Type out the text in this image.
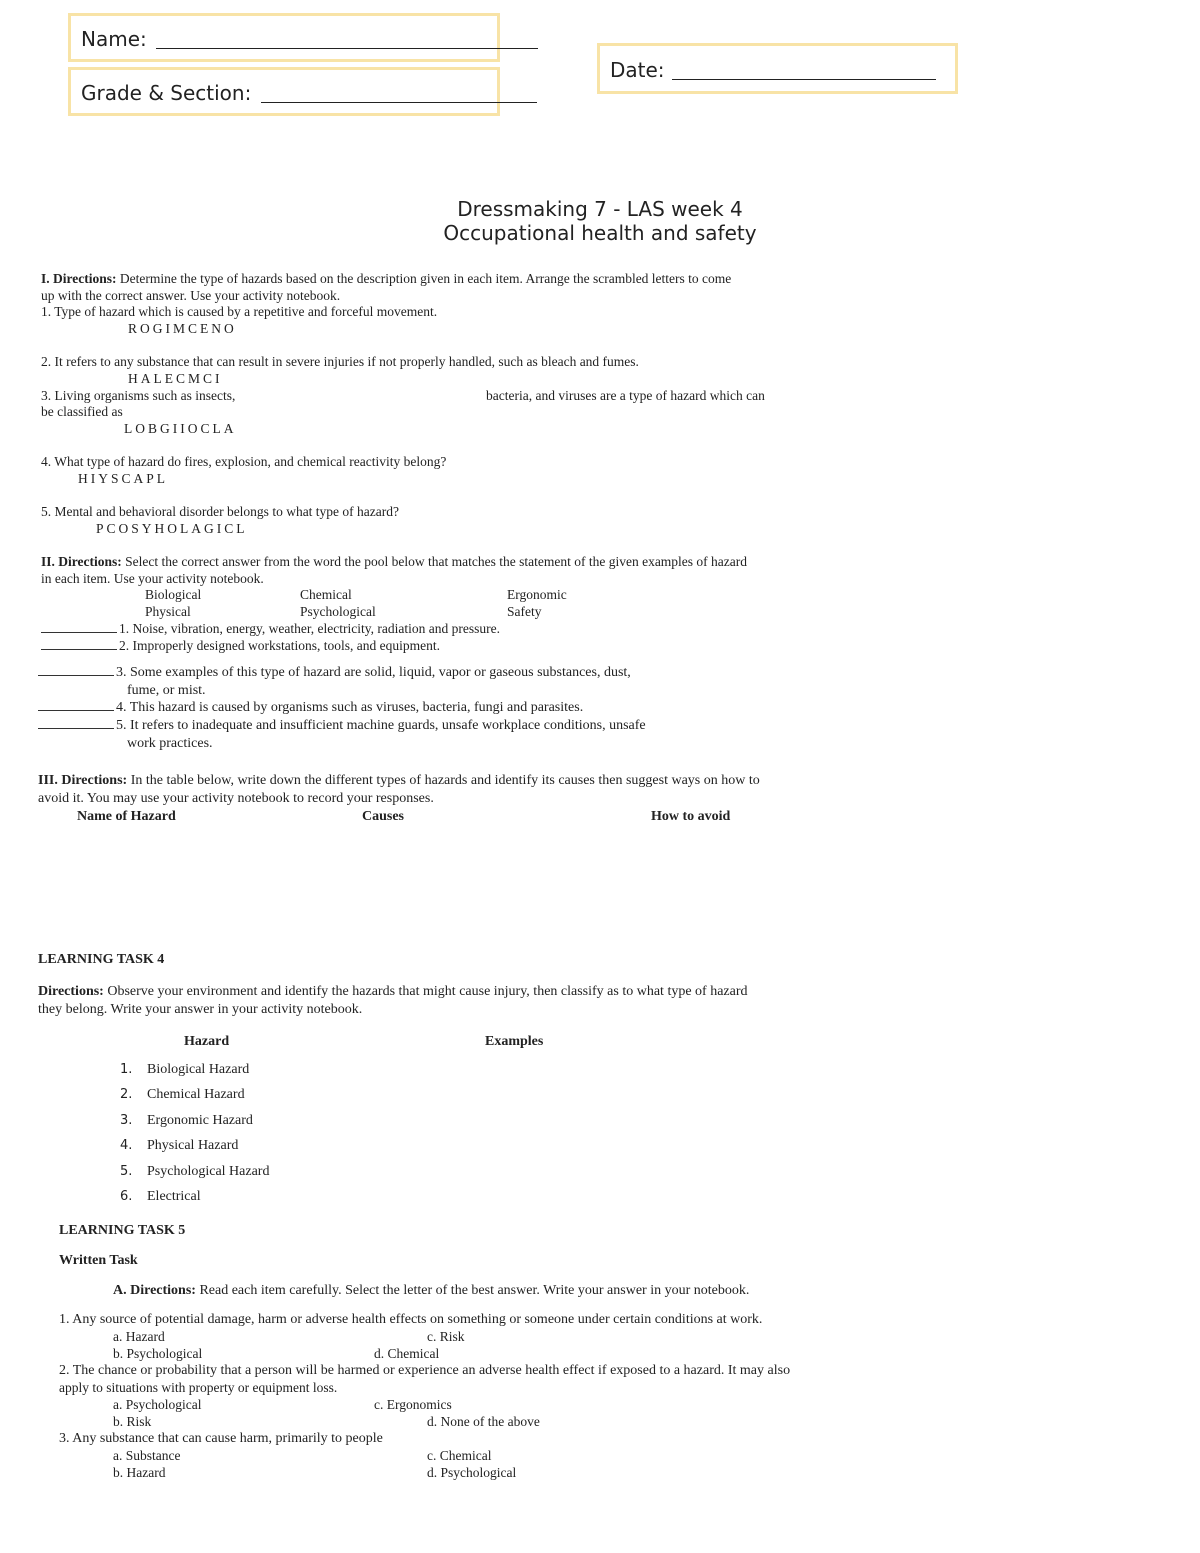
Name:
Grade & Section:
Date:
Dressmaking 7 - LAS week 4
Occupational health and safety
I. Directions: Determine the type of hazards based on the description given in each item. Arrange the scrambled letters to come
up with the correct answer. Use your activity notebook.
1. Type of hazard which is caused by a repetitive and forceful movement.
ROGIMCENO
2. It refers to any substance that can result in severe injuries if not properly handled, such as bleach and fumes.
HALECMCI
3. Living organisms such as insects,	bacteria, and viruses are a type of hazard which can
be classified as
LOBGIIOCLA
4. What type of hazard do fires, explosion, and chemical reactivity belong?
HIYSCAPL
5. Mental and behavioral disorder belongs to what type of hazard?
PCOSYHOLAGICL
II. Directions: Select the correct answer from the word the pool below that matches the statement of the given examples of hazard
in each item. Use your activity notebook.
Biological	Chemical	Ergonomic
Physical	Psychological	Safety
1. Noise, vibration, energy, weather, electricity, radiation and pressure.
2. Improperly designed workstations, tools, and equipment.
3. Some examples of this type of hazard are solid, liquid, vapor or gaseous substances, dust,
fume, or mist.
4. This hazard is caused by organisms such as viruses, bacteria, fungi and parasites.
5. It refers to inadequate and insufficient machine guards, unsafe workplace conditions, unsafe
work practices.
III. Directions: In the table below, write down the different types of hazards and identify its causes then suggest ways on how to
avoid it. You may use your activity notebook to record your responses.
Name of Hazard	Causes	How to avoid
LEARNING TASK 4
Directions: Observe your environment and identify the hazards that might cause injury, then classify as to what type of hazard
they belong. Write your answer in your activity notebook.
Hazard	Examples
1. Biological Hazard
2. Chemical Hazard
3. Ergonomic Hazard
4. Physical Hazard
5. Psychological Hazard
6. Electrical
LEARNING TASK 5
Written Task
A. Directions: Read each item carefully. Select the letter of the best answer. Write your answer in your notebook.
1. Any source of potential damage, harm or adverse health effects on something or someone under certain conditions at work.
a. Hazard	c. Risk
b. Psychological	d. Chemical
2. The chance or probability that a person will be harmed or experience an adverse health effect if exposed to a hazard. It may also
apply to situations with property or equipment loss.
a. Psychological	c. Ergonomics
b. Risk	d. None of the above
3. Any substance that can cause harm, primarily to people
a. Substance	c. Chemical
b. Hazard	d. Psychological
